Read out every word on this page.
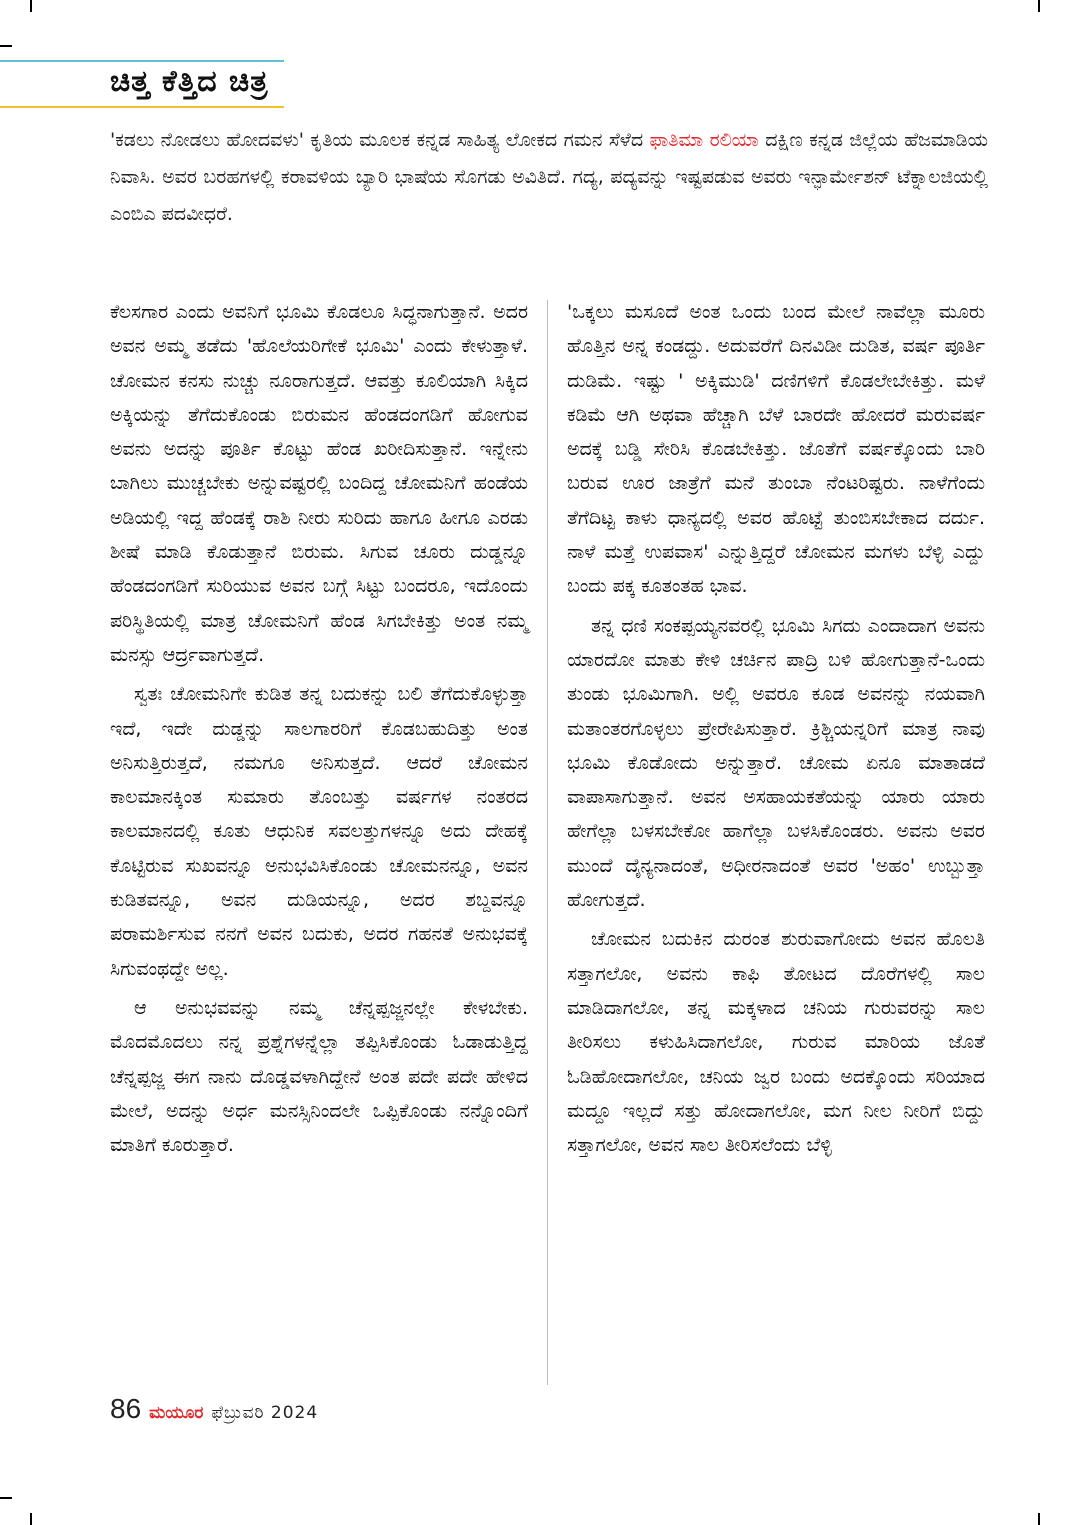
ಚಿತ್ತ ಕೆತ್ತಿದ ಚಿತ್ರ
'ಕಡಲು ನೋಡಲು ಹೋದವಳು' ಕೃತಿಯ ಮೂಲಕ ಕನ್ನಡ ಸಾಹಿತ್ಯ ಲೋಕದ ಗಮನ ಸೆಳೆದ ಫಾತಿಮಾ ರಲಿಯಾ ದಕ್ಷಿಣ ಕನ್ನಡ ಜಿಲ್ಲೆಯ ಹೆಜಮಾಡಿಯ ನಿವಾಸಿ. ಅವರ ಬರಹಗಳಲ್ಲಿ ಕರಾವಳಿಯ ಬ್ಯಾರಿ ಭಾಷೆಯ ಸೊಗಡು ಅವಿತಿದೆ. ಗದ್ಯ, ಪದ್ಯವನ್ನು ಇಷ್ಟಪಡುವ ಅವರು ಇನ್ಫಾರ್ಮೇಶನ್ ಟೆಕ್ನಾಲಜಿಯಲ್ಲಿ ಎಂಬಿಎ ಪದವೀಧರೆ.

ಕೆಲಸಗಾರ ಎಂದು ಅವನಿಗೆ ಭೂಮಿ ಕೊಡಲೂ ಸಿದ್ಧನಾಗುತ್ತಾನೆ. ಅದರ ಅವನ ಅಮ್ಮ ತಡೆದು 'ಹೊಲೆಯರಿಗೇಕೆ ಭೂಮಿ' ಎಂದು ಕೇಳುತ್ತಾಳೆ. ಚೋಮನ ಕನಸು ನುಚ್ಚು ನೂರಾಗುತ್ತದೆ. ಆವತ್ತು ಕೂಲಿಯಾಗಿ ಸಿಕ್ಕಿದ ಅಕ್ಕಿಯನ್ನು ತೆಗೆದುಕೊಂಡು ಬಿರುಮನ ಹೆಂಡದಂಗಡಿಗೆ ಹೋಗುವ ಅವನು ಅದನ್ನು ಪೂರ್ತಿ ಕೊಟ್ಟು ಹೆಂಡ ಖರೀದಿಸುತ್ತಾನೆ. ಇನ್ನೇನು ಬಾಗಿಲು ಮುಚ್ಚಬೇಕು ಅನ್ನುವಷ್ಟರಲ್ಲಿ ಬಂದಿದ್ದ ಚೋಮನಿಗೆ ಹಂಡೆಯ ಅಡಿಯಲ್ಲಿ ಇದ್ದ ಹೆಂಡಕ್ಕೆ ರಾಶಿ ನೀರು ಸುರಿದು ಹಾಗೂ ಹೀಗೂ ಎರಡು ಶೀಷೆ ಮಾಡಿ ಕೊಡುತ್ತಾನೆ ಬಿರುಮ. ಸಿಗುವ ಚೂರು ದುಡ್ಡನ್ನೂ ಹೆಂಡದಂಗಡಿಗೆ ಸುರಿಯುವ ಅವನ ಬಗ್ಗೆ ಸಿಟ್ಟು ಬಂದರೂ, ಇದೊಂದು ಪರಿಸ್ಥಿತಿಯಲ್ಲಿ ಮಾತ್ರ ಚೋಮನಿಗೆ ಹೆಂಡ ಸಿಗಬೇಕಿತ್ತು ಅಂತ ನಮ್ಮ ಮನಸ್ಸು ಆರ್ದ್ರವಾಗುತ್ತದೆ.

ಸ್ವತಃ ಚೋಮನಿಗೇ ಕುಡಿತ ತನ್ನ ಬದುಕನ್ನು ಬಲಿ ತೆಗೆದುಕೊಳ್ಳುತ್ತಾ ಇದೆ, ಇದೇ ದುಡ್ಡನ್ನು ಸಾಲಗಾರರಿಗೆ ಕೊಡಬಹುದಿತ್ತು ಅಂತ ಅನಿಸುತ್ತಿರುತ್ತದೆ, ನಮಗೂ ಅನಿಸುತ್ತದೆ. ಆದರೆ ಚೋಮನ ಕಾಲಮಾನಕ್ಕಿಂತ ಸುಮಾರು ತೊಂಬತ್ತು ವರ್ಷಗಳ ನಂತರದ ಕಾಲಮಾನದಲ್ಲಿ ಕೂತು ಆಧುನಿಕ ಸವಲತ್ತುಗಳನ್ನೂ ಅದು ದೇಹಕ್ಕೆ ಕೊಟ್ಟಿರುವ ಸುಖವನ್ನೂ ಅನುಭವಿಸಿಕೊಂಡು ಚೋಮನನ್ನೂ, ಅವನ ಕುಡಿತವನ್ನೂ, ಅವನ ದುಡಿಯನ್ನೂ, ಅದರ ಶಬ್ದವನ್ನೂ ಪರಾಮರ್ಶಿಸುವ ನನಗೆ ಅವನ ಬದುಕು, ಅದರ ಗಹನತೆ ಅನುಭವಕ್ಕೆ ಸಿಗುವಂಥದ್ದೇ ಅಲ್ಲ.

ಆ ಅನುಭವವನ್ನು ನಮ್ಮ ಚೆನ್ನಪ್ಪಜ್ಜನಲ್ಲೇ ಕೇಳಬೇಕು. ಮೊದಮೊದಲು ನನ್ನ ಪ್ರಶ್ನೆಗಳನ್ನೆಲ್ಲಾ ತಪ್ಪಿಸಿಕೊಂಡು ಓಡಾಡುತ್ತಿದ್ದ ಚೆನ್ನಪ್ಪಜ್ಜ ಈಗ ನಾನು ದೊಡ್ಡವಳಾಗಿದ್ದೇನೆ ಅಂತ ಪದೇ ಪದೇ ಹೇಳಿದ ಮೇಲೆ, ಅದನ್ನು ಅರ್ಧ ಮನಸ್ಸಿನಿಂದಲೇ ಒಪ್ಪಿಕೊಂಡು ನನ್ನೊಂದಿಗೆ ಮಾತಿಗೆ ಕೂರುತ್ತಾರೆ.

'ಒಕ್ಕಲು ಮಸೂದೆ ಅಂತ ಒಂದು ಬಂದ ಮೇಲೆ ನಾವೆಲ್ಲಾ ಮೂರು ಹೊತ್ತಿನ ಅನ್ನ ಕಂಡದ್ದು. ಅದುವರೆಗೆ ದಿನವಿಡೀ ದುಡಿತ, ವರ್ಷ ಪೂರ್ತಿ ದುಡಿಮೆ. ಇಷ್ಟು ' ಅಕ್ಕಿಮುಡಿ' ದಣಿಗಳಿಗೆ ಕೊಡಲೇಬೇಕಿತ್ತು. ಮಳೆ ಕಡಿಮೆ ಆಗಿ ಅಥವಾ ಹೆಚ್ಚಾಗಿ ಬೆಳೆ ಬಾರದೇ ಹೋದರೆ ಮರುವರ್ಷ ಅದಕ್ಕೆ ಬಡ್ಡಿ ಸೇರಿಸಿ ಕೊಡಬೇಕಿತ್ತು. ಜೊತೆಗೆ ವರ್ಷಕ್ಕೊಂದು ಬಾರಿ ಬರುವ ಊರ ಜಾತ್ರೆಗೆ ಮನೆ ತುಂಬಾ ನೆಂಟರಿಷ್ಟರು. ನಾಳೆಗೆಂದು ತೆಗೆದಿಟ್ಟ ಕಾಳು ಧಾನ್ಯದಲ್ಲಿ ಅವರ ಹೊಟ್ಟೆ ತುಂಬಿಸಬೇಕಾದ ದರ್ದು. ನಾಳೆ ಮತ್ತೆ ಉಪವಾಸ' ಎನ್ನುತ್ತಿದ್ದರೆ ಚೋಮನ ಮಗಳು ಬೆಳ್ಳಿ ಎದ್ದು ಬಂದು ಪಕ್ಕ ಕೂತಂತಹ ಭಾವ.

ತನ್ನ ಧಣಿ ಸಂಕಪ್ಪಯ್ಯನವರಲ್ಲಿ ಭೂಮಿ ಸಿಗದು ಎಂದಾದಾಗ ಅವನು ಯಾರದೋ ಮಾತು ಕೇಳಿ ಚರ್ಚಿನ ಪಾದ್ರಿ ಬಳಿ ಹೋಗುತ್ತಾನೆ-ಒಂದು ತುಂಡು ಭೂಮಿಗಾಗಿ. ಅಲ್ಲಿ ಅವರೂ ಕೂಡ ಅವನನ್ನು ನಯವಾಗಿ ಮತಾಂತರಗೊಳ್ಳಲು ಪ್ರೇರೇಪಿಸುತ್ತಾರೆ. ಕ್ರಿಶ್ಚಿಯನ್ನರಿಗೆ ಮಾತ್ರ ನಾವು ಭೂಮಿ ಕೊಡೋದು ಅನ್ನುತ್ತಾರೆ. ಚೋಮ ಏನೂ ಮಾತಾಡದೆ ವಾಪಾಸಾಗುತ್ತಾನೆ. ಅವನ ಅಸಹಾಯಕತೆಯನ್ನು ಯಾರು ಯಾರು ಹೇಗೆಲ್ಲಾ ಬಳಸಬೇಕೋ ಹಾಗೆಲ್ಲಾ ಬಳಸಿಕೊಂಡರು. ಅವನು ಅವರ ಮುಂದೆ ದೈನ್ಯನಾದಂತೆ, ಅಧೀರನಾದಂತೆ ಅವರ 'ಅಹಂ' ಉಬ್ಬುತ್ತಾ ಹೋಗುತ್ತದೆ.

ಚೋಮನ ಬದುಕಿನ ದುರಂತ ಶುರುವಾಗೋದು ಅವನ ಹೊಲತಿ ಸತ್ತಾಗಲೋ, ಅವನು ಕಾಫಿ ತೋಟದ ದೊರೆಗಳಲ್ಲಿ ಸಾಲ ಮಾಡಿದಾಗಲೋ, ತನ್ನ ಮಕ್ಕಳಾದ ಚನಿಯ ಗುರುವರನ್ನು ಸಾಲ ತೀರಿಸಲು ಕಳುಹಿಸಿದಾಗಲೋ, ಗುರುವ ಮಾರಿಯ ಜೊತೆ ಓಡಿಹೋದಾಗಲೋ, ಚನಿಯ ಜ್ವರ ಬಂದು ಅದಕ್ಕೊಂದು ಸರಿಯಾದ ಮದ್ದೂ ಇಲ್ಲದೆ ಸತ್ತು ಹೋದಾಗಲೋ, ಮಗ ನೀಲ ನೀರಿಗೆ ಬಿದ್ದು ಸತ್ತಾಗಲೋ, ಅವನ ಸಾಲ ತೀರಿಸಲೆಂದು ಬೆಳ್ಳಿ

86 ಮಯೂರ ಫೆಬ್ರುವರಿ 2024
